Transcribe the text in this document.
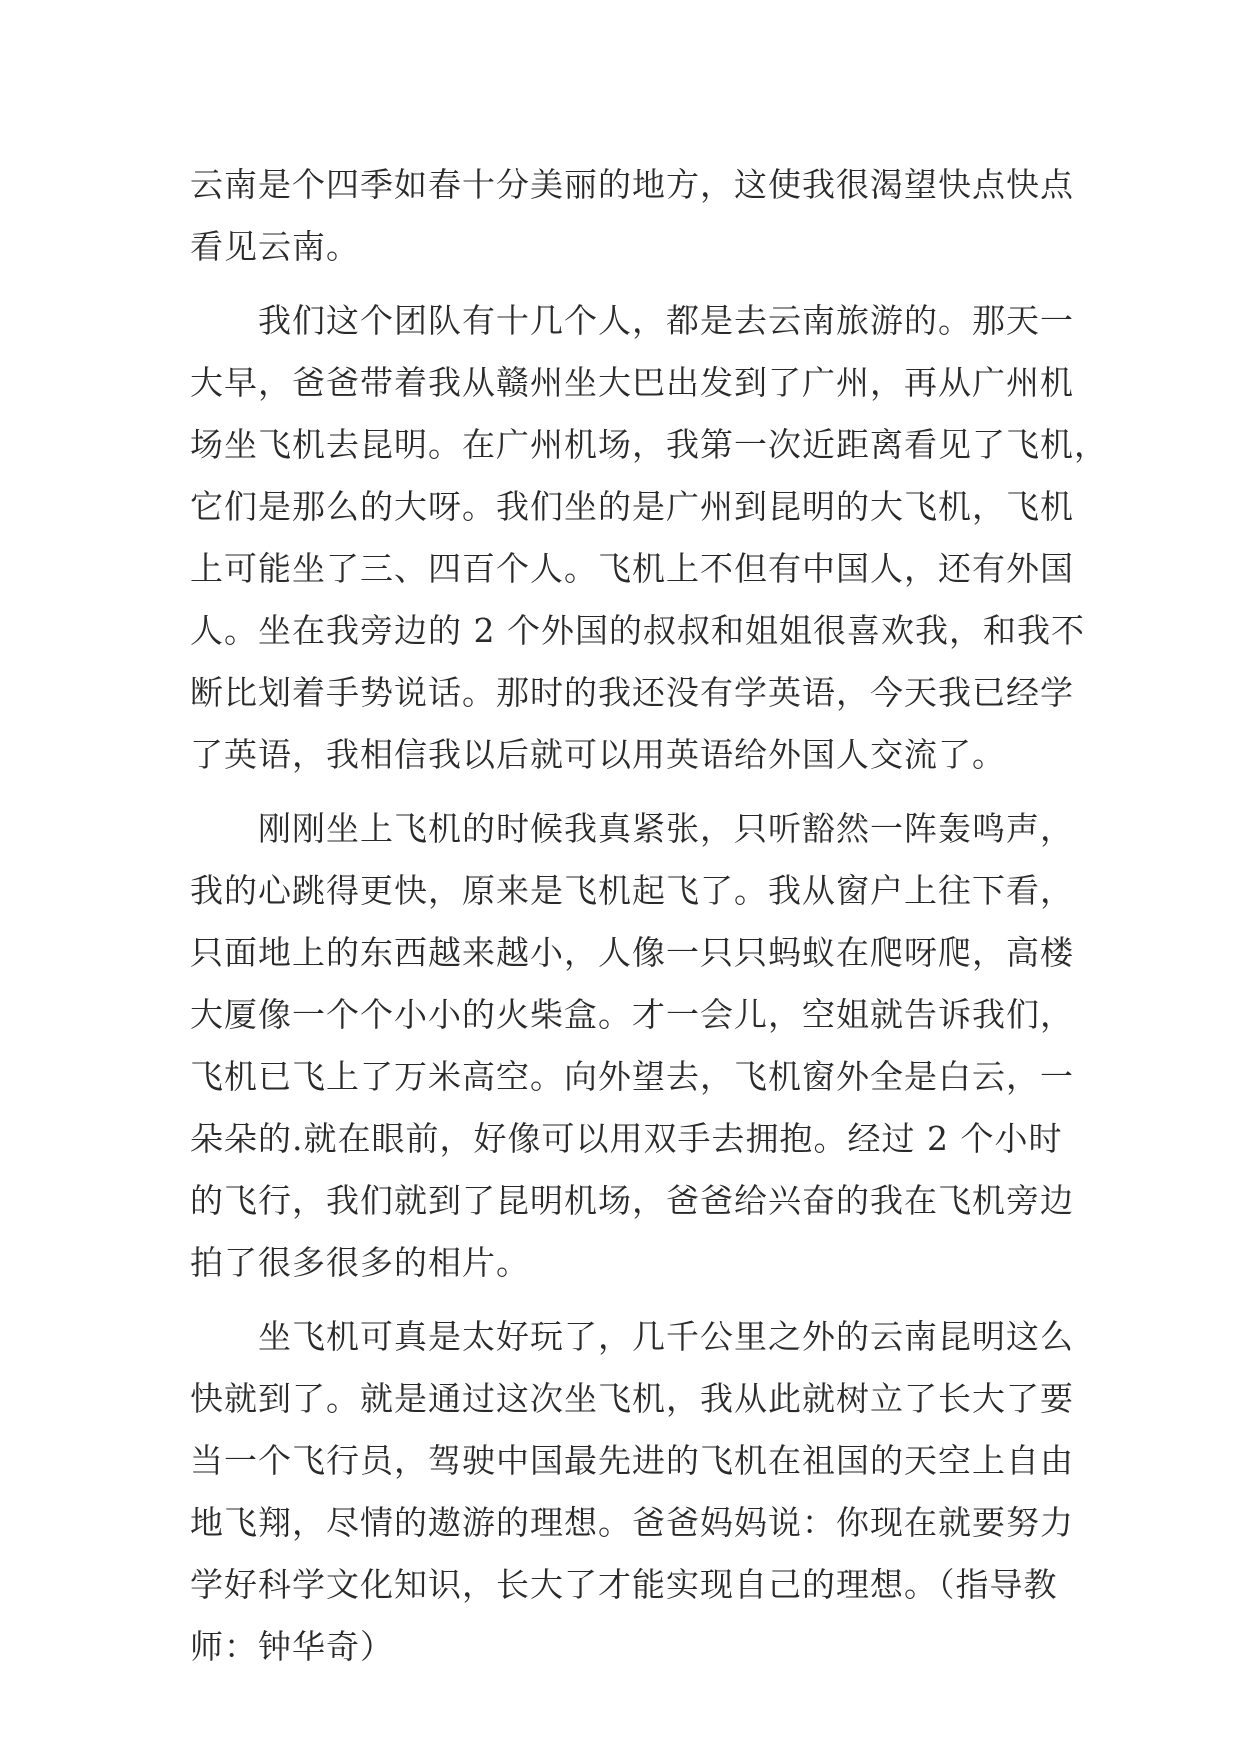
云南是个四季如春十分美丽的地方，这使我很渴望快点快点
看见云南。
　　我们这个团队有十几个人，都是去云南旅游的。那天一
大早，爸爸带着我从赣州坐大巴出发到了广州，再从广州机
场坐飞机去昆明。在广州机场，我第一次近距离看见了飞机，
它们是那么的大呀。我们坐的是广州到昆明的大飞机，飞机
上可能坐了三、四百个人。飞机上不但有中国人，还有外国
人。坐在我旁边的 2 个外国的叔叔和姐姐很喜欢我，和我不
断比划着手势说话。那时的我还没有学英语，今天我已经学
了英语，我相信我以后就可以用英语给外国人交流了。
　　刚刚坐上飞机的时候我真紧张，只听豁然一阵轰鸣声，
我的心跳得更快，原来是飞机起飞了。我从窗户上往下看，
只面地上的东西越来越小，人像一只只蚂蚁在爬呀爬，高楼
大厦像一个个小小的火柴盒。才一会儿，空姐就告诉我们，
飞机已飞上了万米高空。向外望去，飞机窗外全是白云，一
朵朵的.就在眼前，好像可以用双手去拥抱。经过 2 个小时
的飞行，我们就到了昆明机场，爸爸给兴奋的我在飞机旁边
拍了很多很多的相片。
　　坐飞机可真是太好玩了，几千公里之外的云南昆明这么
快就到了。就是通过这次坐飞机，我从此就树立了长大了要
当一个飞行员，驾驶中国最先进的飞机在祖国的天空上自由
地飞翔，尽情的遨游的理想。爸爸妈妈说：你现在就要努力
学好科学文化知识，长大了才能实现自己的理想。（指导教
师：钟华奇）
